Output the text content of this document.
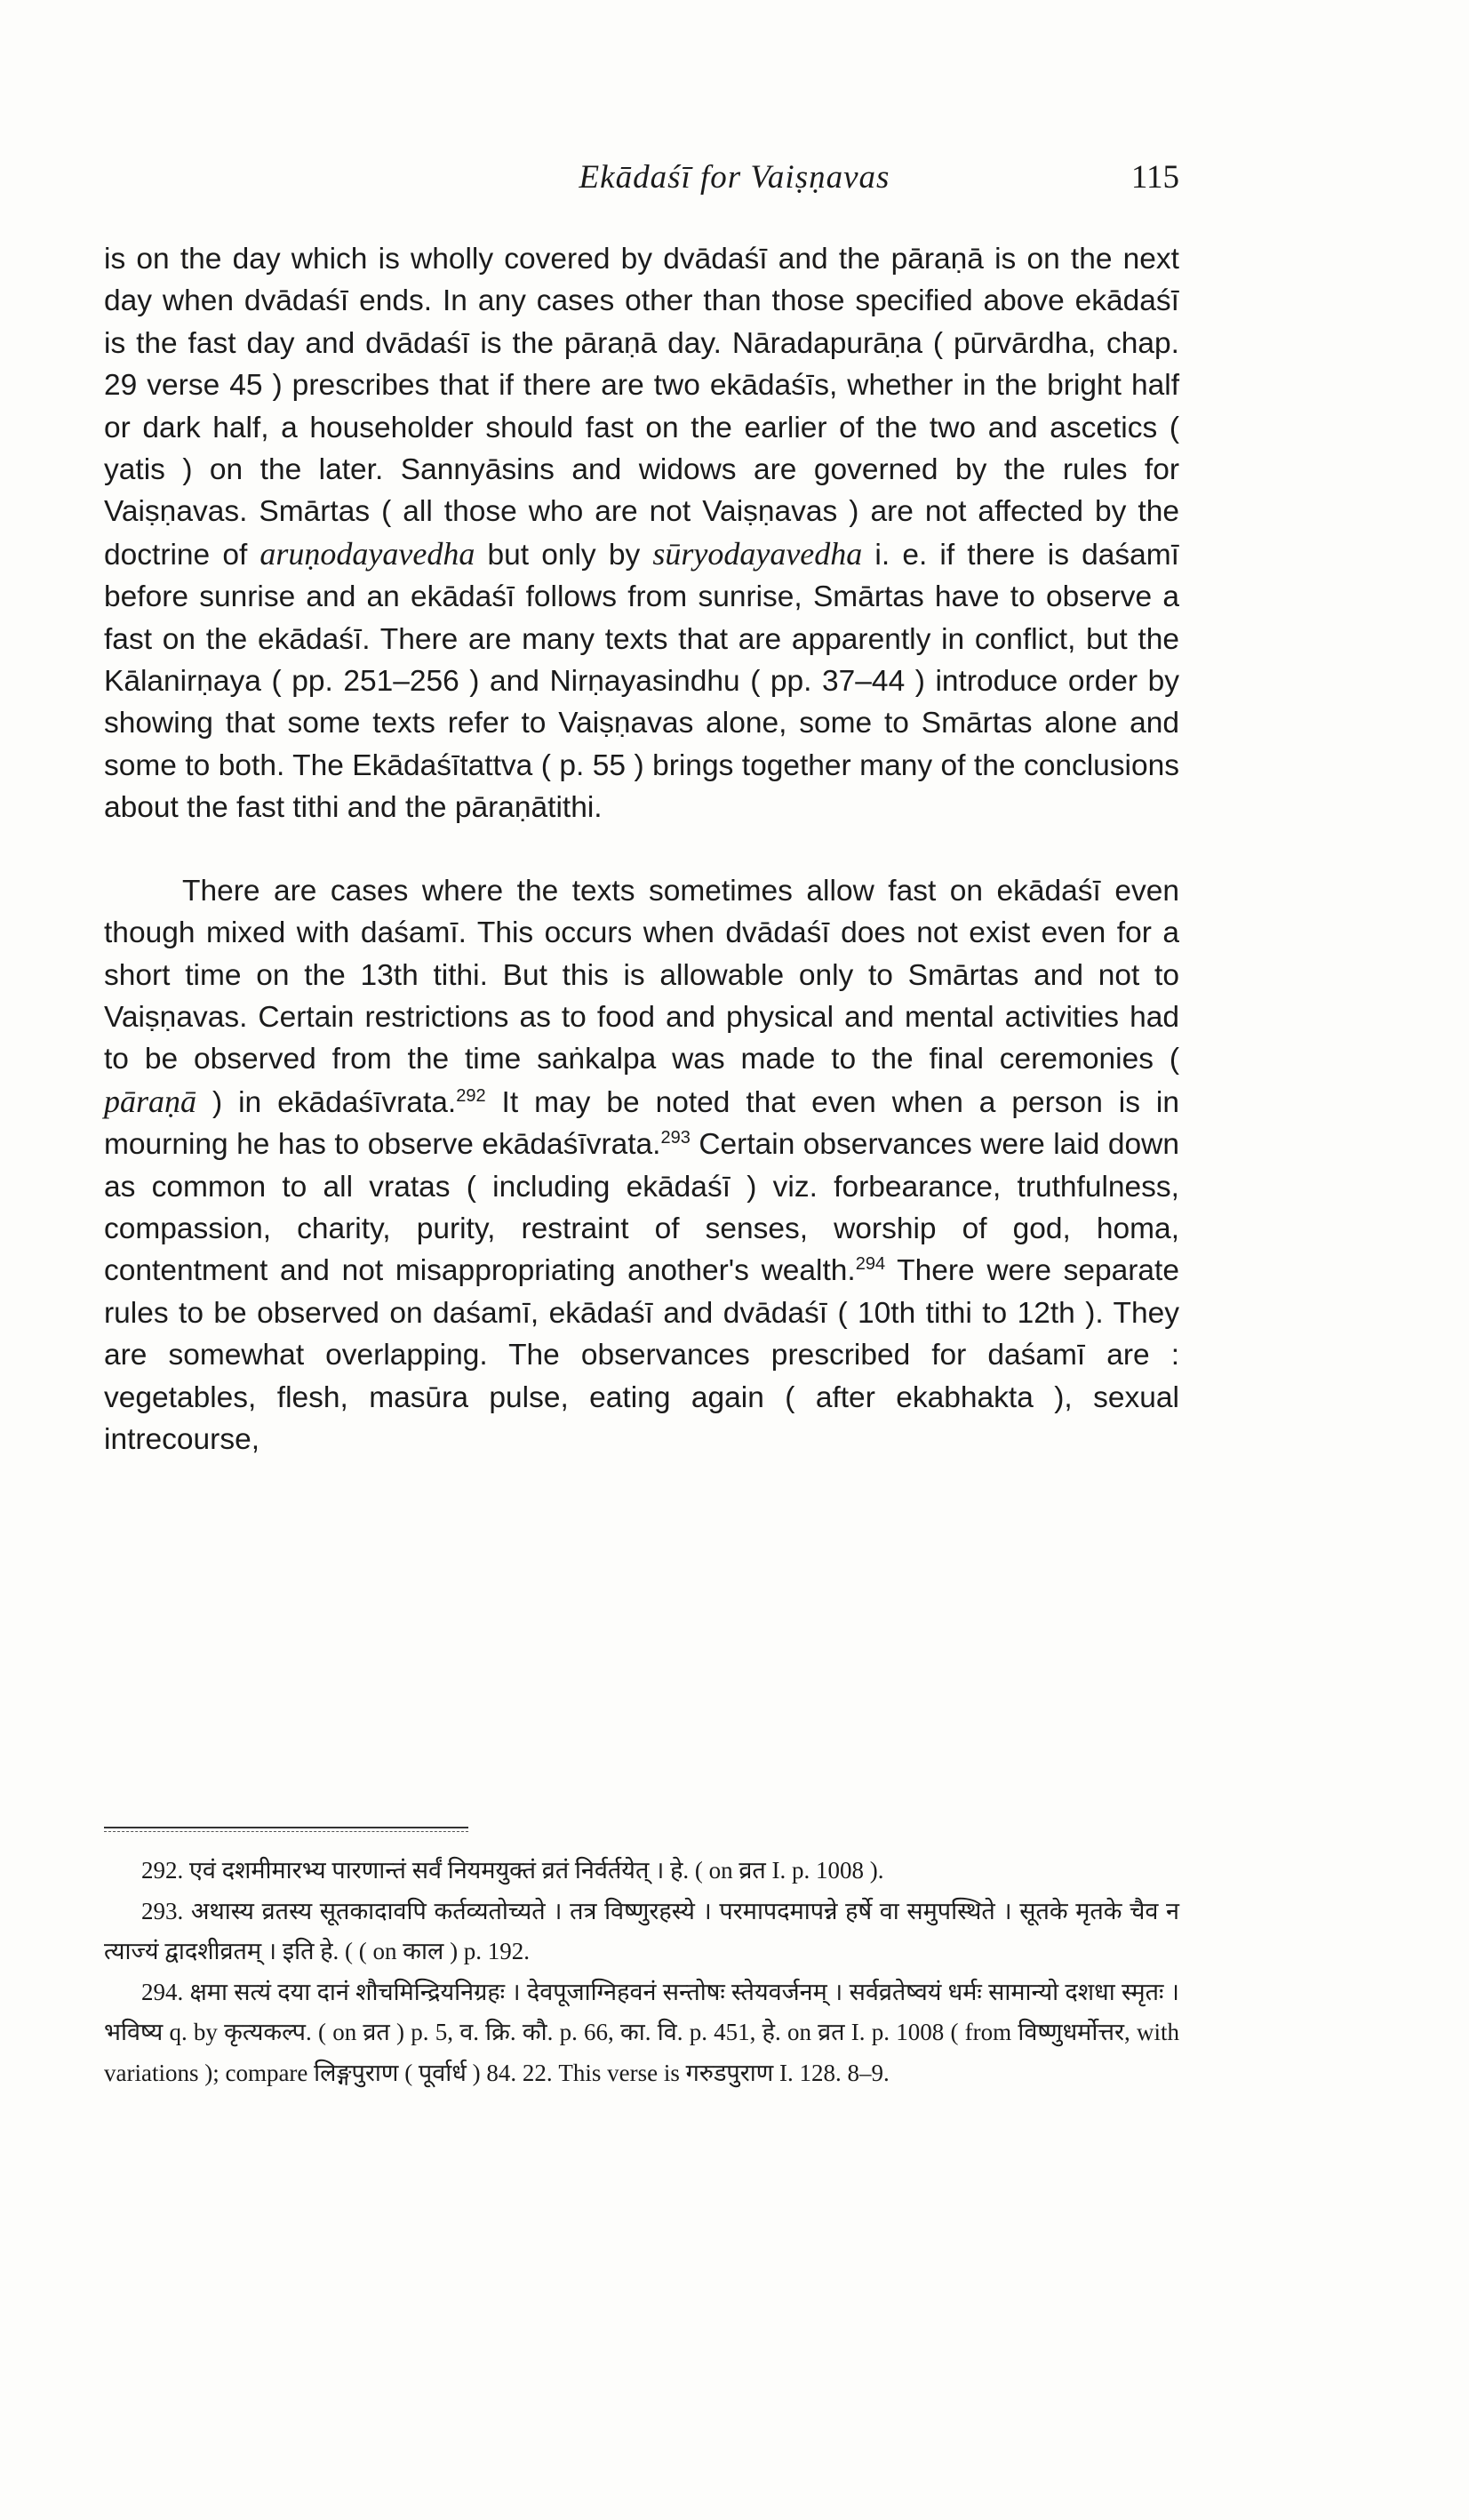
Ekādaśī for Vaiṣṇavas	115

is on the day which is wholly covered by dvādaśī and the pāraṇā is on the next day when dvādaśī ends. In any cases other than those specified above ekādaśī is the fast day and dvādaśī is the pāraṇā day. Nāradapurāṇa ( pūrvārdha, chap. 29 verse 45 ) prescribes that if there are two ekādaśīs, whether in the bright half or dark half, a householder should fast on the earlier of the two and ascetics ( yatis ) on the later. Sannyāsins and widows are governed by the rules for Vaiṣṇavas. Smārtas ( all those who are not Vaiṣṇavas ) are not affected by the doctrine of aruṇodayavedha but only by sūryodayavedha i. e. if there is daśamī before sunrise and an ekādaśī follows from sunrise, Smārtas have to observe a fast on the ekādaśī. There are many texts that are apparently in conflict, but the Kālanirṇaya ( pp. 251–256 ) and Nirṇayasindhu ( pp. 37–44 ) introduce order by showing that some texts refer to Vaiṣṇavas alone, some to Smārtas alone and some to both. The Ekādaśītattva ( p. 55 ) brings together many of the conclusions about the fast tithi and the pāraṇātithi.

There are cases where the texts sometimes allow fast on ekādaśī even though mixed with daśamī. This occurs when dvādaśī does not exist even for a short time on the 13th tithi. But this is allowable only to Smārtas and not to Vaiṣṇavas. Certain restrictions as to food and physical and mental activities had to be observed from the time saṅkalpa was made to the final ceremonies ( pāraṇā ) in ekādaśīvrata.$^{292}$ It may be noted that even when a person is in mourning he has to observe ekādaśīvrata.$^{293}$ Certain observances were laid down as common to all vratas ( including ekādaśī ) viz. forbearance, truthfulness, compassion, charity, purity, restraint of senses, worship of god, homa, contentment and not misappropriating another's wealth.$^{294}$ There were separate rules to be observed on daśamī, ekādaśī and dvādaśī ( 10th tithi to 12th ). They are somewhat overlapping. The observances prescribed for daśamī are : vegetables, flesh, masūra pulse, eating again ( after ekabhakta ), sexual intrecourse,

292. एवं दशमीमारभ्य पारणान्तं सर्वं नियमयुक्तं व्रतं निर्वर्तयेत् । हे. ( on व्रत I. p. 1008 ).

293. अथास्य व्रतस्य सूतकादावपि कर्तव्यतोच्यते । तत्र विष्णुरहस्ये । परमापदमापन्ने हर्षे वा समुपस्थिते । सूतके मृतके चैव न त्याज्यं द्वादशीव्रतम् । इति हे. ( ( on काल ) p. 192.

294. क्षमा सत्यं दया दानं शौचमिन्द्रियनिग्रहः । देवपूजाग्निहवनं सन्तोषः स्तेयवर्जनम् । सर्वव्रतेष्वयं धर्मः सामान्यो दशधा स्मृतः । भविष्य q. by कृत्यकल्प. ( on व्रत ) p. 5, व. क्रि. कौ. p. 66, का. वि. p. 451, हे. on व्रत I. p. 1008 ( from विष्णुधर्मोत्तर, with variations ); compare लिङ्गपुराण ( पूर्वार्ध ) 84. 22. This verse is गरुडपुराण I. 128. 8–9.
